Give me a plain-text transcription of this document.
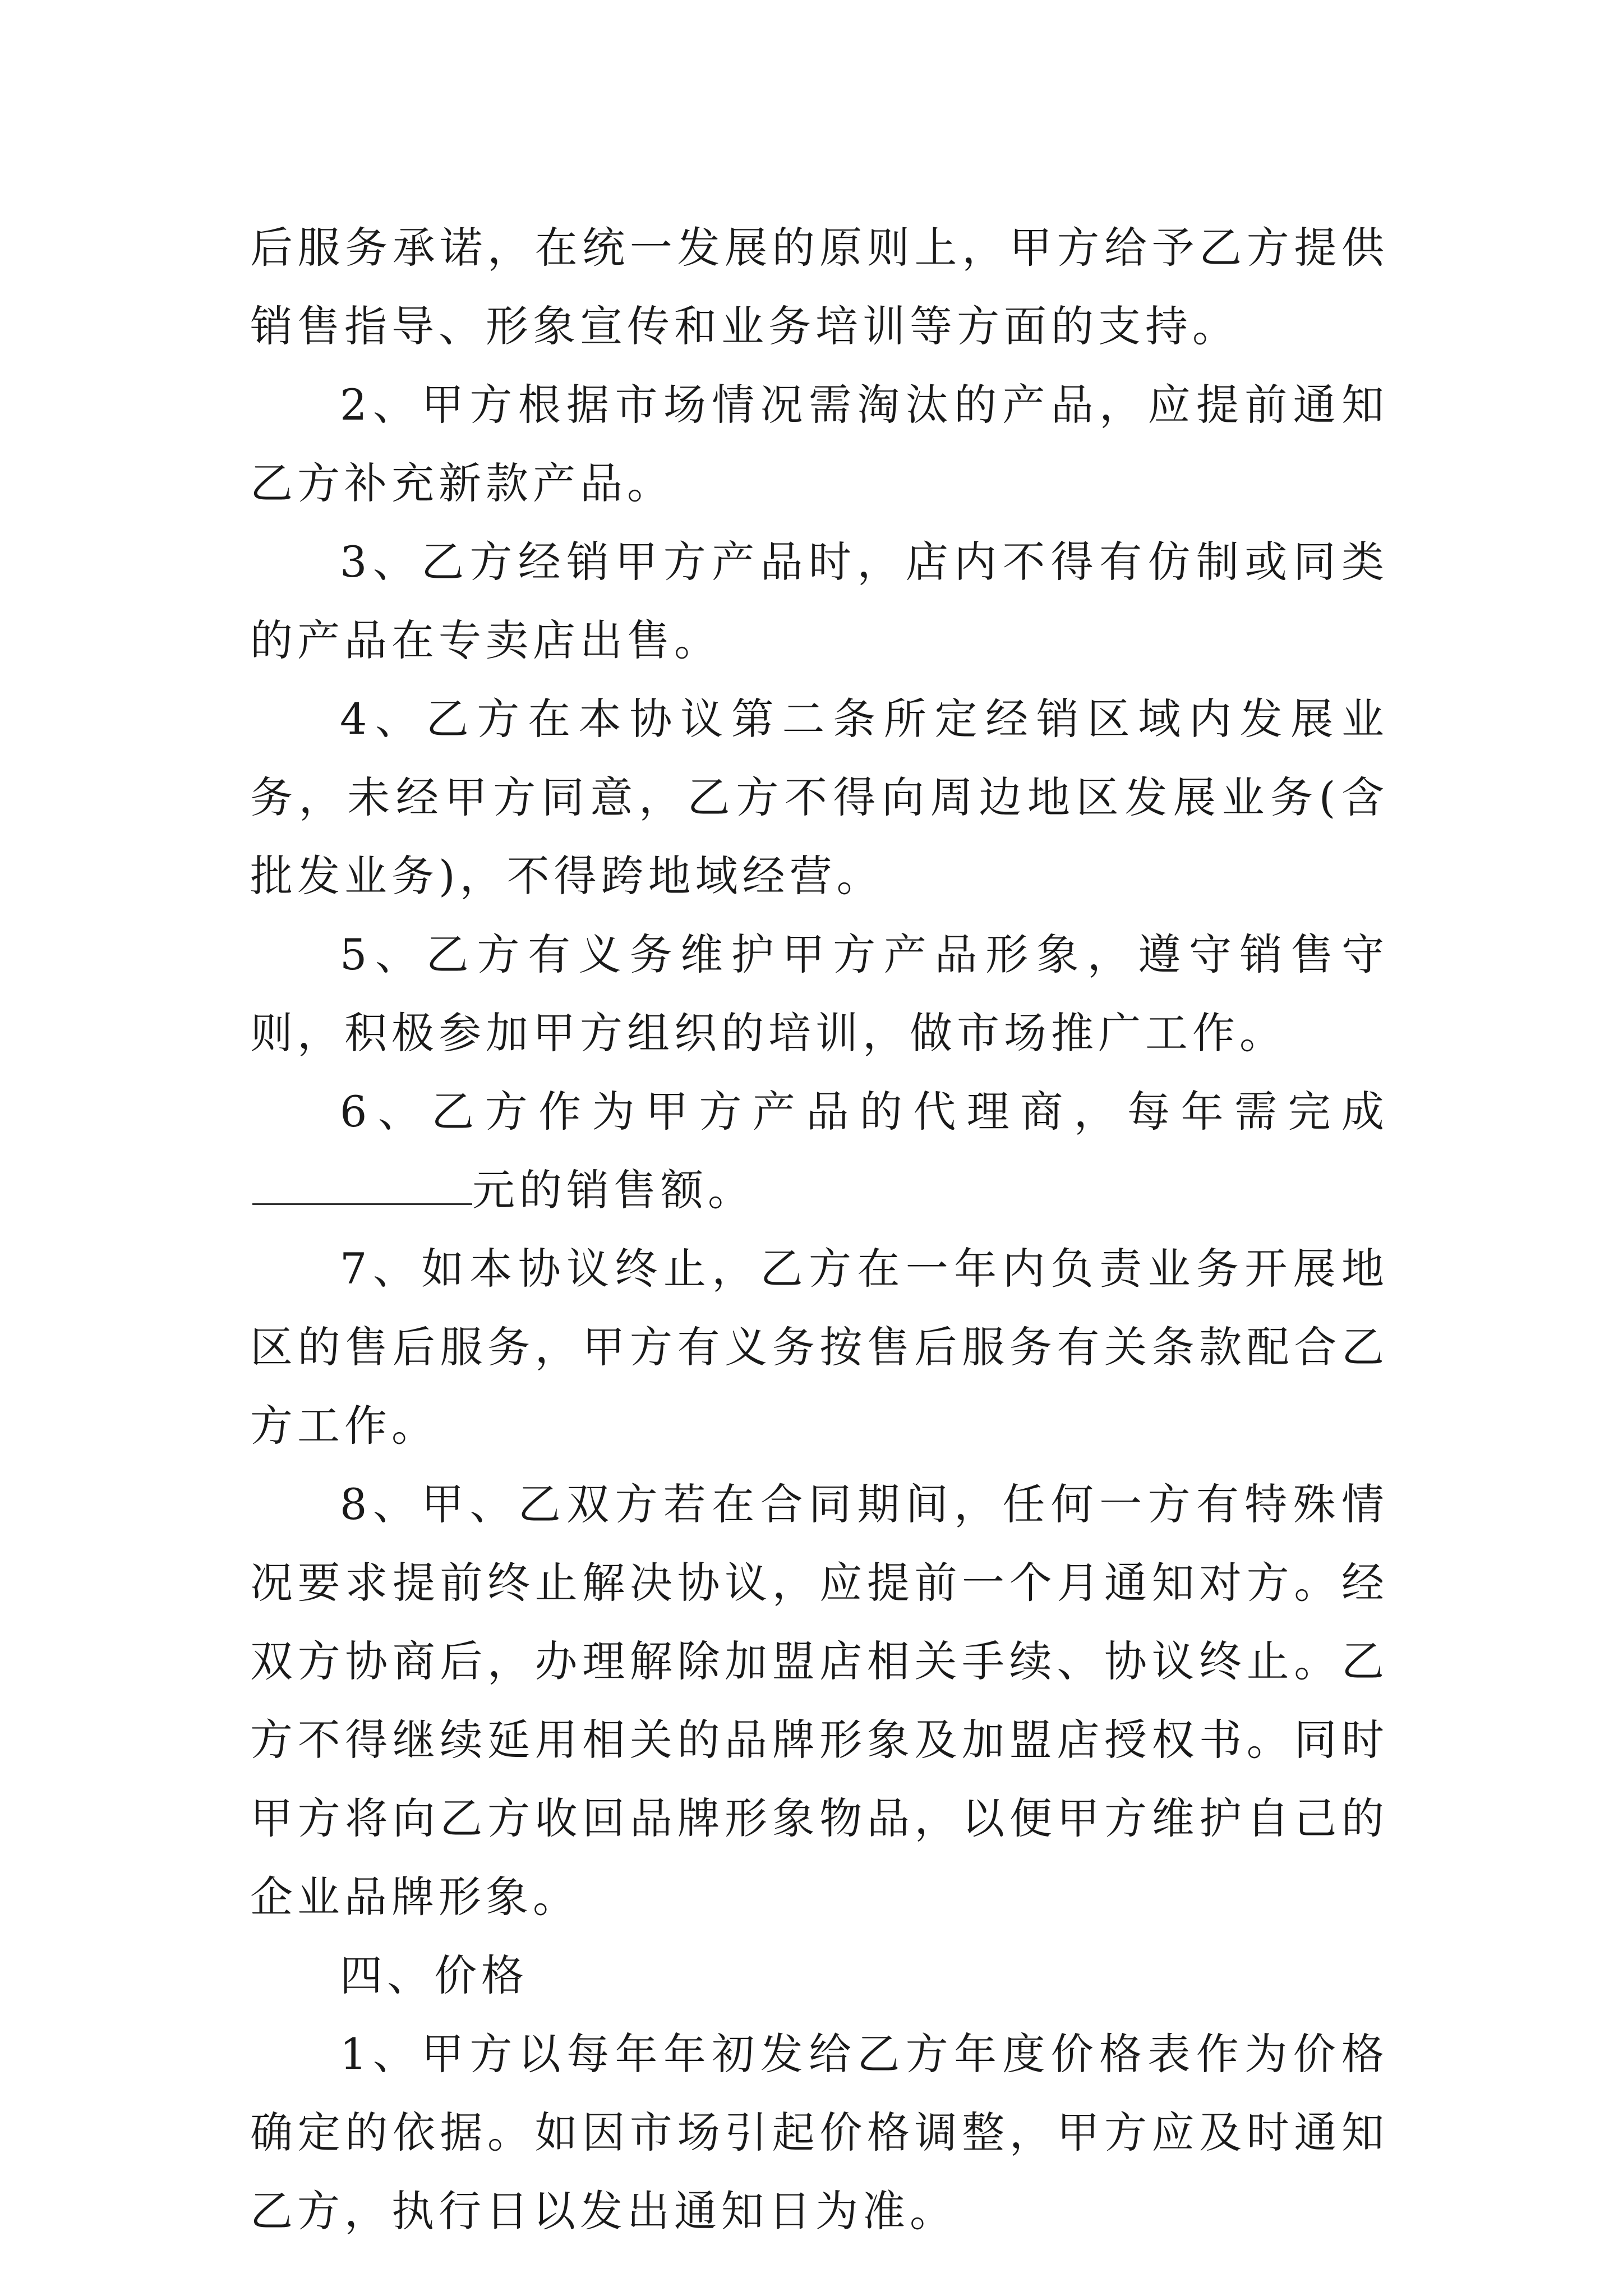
后服务承诺，在统一发展的原则上，甲方给予乙方提供销售指导、形象宣传和业务培训等方面的支持。

2、甲方根据市场情况需淘汰的产品，应提前通知乙方补充新款产品。

3、乙方经销甲方产品时，店内不得有仿制或同类的产品在专卖店出售。

4、乙方在本协议第二条所定经销区域内发展业务，未经甲方同意，乙方不得向周边地区发展业务(含批发业务)，不得跨地域经营。

5、乙方有义务维护甲方产品形象，遵守销售守则，积极参加甲方组织的培训，做市场推广工作。

6、乙方作为甲方产品的代理商，每年需完成元的销售额。

7、如本协议终止，乙方在一年内负责业务开展地区的售后服务，甲方有义务按售后服务有关条款配合乙方工作。

8、甲、乙双方若在合同期间，任何一方有特殊情况要求提前终止解决协议，应提前一个月通知对方。经双方协商后，办理解除加盟店相关手续、协议终止。乙方不得继续延用相关的品牌形象及加盟店授权书。同时甲方将向乙方收回品牌形象物品，以便甲方维护自己的企业品牌形象。

四、价格

1、甲方以每年年初发给乙方年度价格表作为价格确定的依据。如因市场引起价格调整，甲方应及时通知乙方，执行日以发出通知日为准。
